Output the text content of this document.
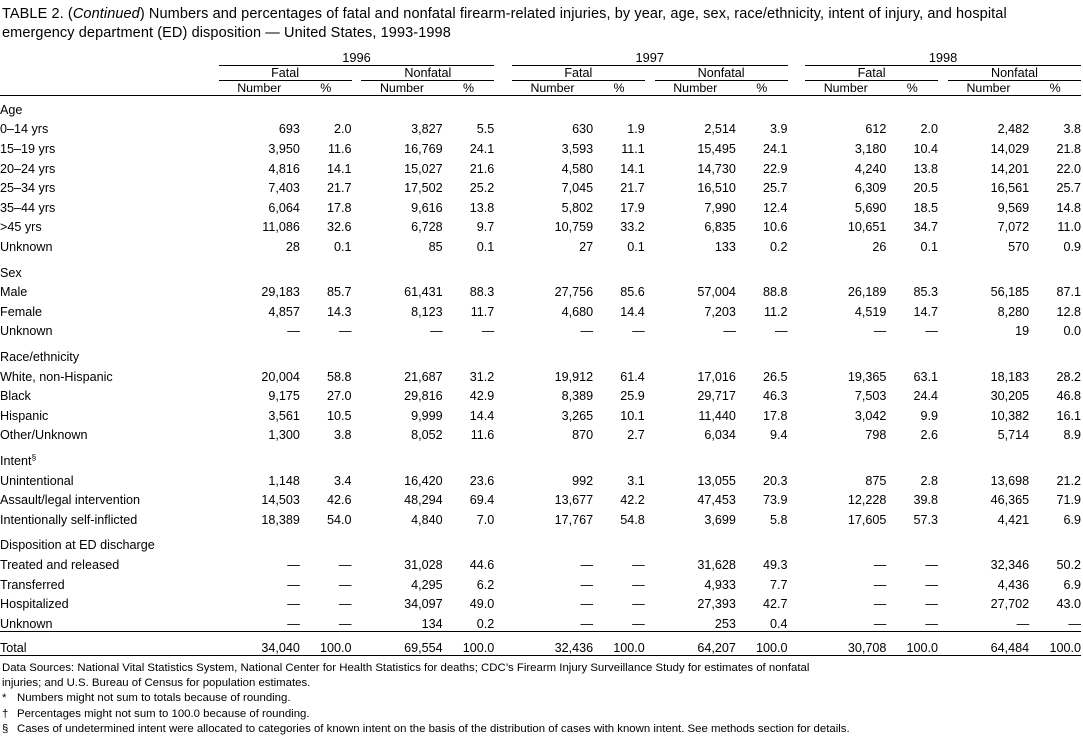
TABLE 2. (Continued) Numbers and percentages of fatal and nonfatal firearm-related injuries, by year, age, sex, race/ethnicity, intent of injury, and hospital emergency department (ED) disposition — United States, 1993-1998
	1996						1997						1998				
	Fatal			Nonfatal			Fatal			Nonfatal			Fatal			Nonfatal	
	Number	%		Number	%		Number	%		Number	%		Number	%		Number	%

Age																	
0–14 yrs	693	2.0		3,827	5.5		630	1.9		2,514	3.9		612	2.0		2,482	3.8
15–19 yrs	3,950	11.6		16,769	24.1		3,593	11.1		15,495	24.1		3,180	10.4		14,029	21.8
20–24 yrs	4,816	14.1		15,027	21.6		4,580	14.1		14,730	22.9		4,240	13.8		14,201	22.0
25–34 yrs	7,403	21.7		17,502	25.2		7,045	21.7		16,510	25.7		6,309	20.5		16,561	25.7
35–44 yrs	6,064	17.8		9,616	13.8		5,802	17.9		7,990	12.4		5,690	18.5		9,569	14.8
>45 yrs	11,086	32.6		6,728	9.7		10,759	33.2		6,835	10.6		10,651	34.7		7,072	11.0
Unknown	28	0.1		85	0.1		27	0.1		133	0.2		26	0.1		570	0.9

Sex																	
Male	29,183	85.7		61,431	88.3		27,756	85.6		57,004	88.8		26,189	85.3		56,185	87.1
Female	4,857	14.3		8,123	11.7		4,680	14.4		7,203	11.2		4,519	14.7		8,280	12.8
Unknown	—	—		—	—		—	—		—	—		—	—		19	0.0

Race/ethnicity																	
White, non-Hispanic	20,004	58.8		21,687	31.2		19,912	61.4		17,016	26.5		19,365	63.1		18,183	28.2
Black	9,175	27.0		29,816	42.9		8,389	25.9		29,717	46.3		7,503	24.4		30,205	46.8
Hispanic	3,561	10.5		9,999	14.4		3,265	10.1		11,440	17.8		3,042	9.9		10,382	16.1
Other/Unknown	1,300	3.8		8,052	11.6		870	2.7		6,034	9.4		798	2.6		5,714	8.9

Intent§
Unintentional	1,148	3.4		16,420	23.6		992	3.1		13,055	20.3		875	2.8		13,698	21.2
Assault/legal intervention	14,503	42.6		48,294	69.4		13,677	42.2		47,453	73.9		12,228	39.8		46,365	71.9
Intentionally self-inflicted	18,389	54.0		4,840	7.0		17,767	54.8		3,699	5.8		17,605	57.3		4,421	6.9

Disposition at ED discharge																	
Treated and released	—	—		31,028	44.6		—	—		31,628	49.3		—	—		32,346	50.2
Transferred	—	—		4,295	6.2		—	—		4,933	7.7		—	—		4,436	6.9
Hospitalized	—	—		34,097	49.0		—	—		27,393	42.7		—	—		27,702	43.0
Unknown	—	—		134	0.2		—	—		253	0.4		—	—		—	—

Total	34,040	100.0		69,554	100.0		32,436	100.0		64,207	100.0		30,708	100.0		64,484	100.0

Data Sources: National Vital Statistics System, National Center for Health Statistics for deaths; CDC’s Firearm Injury Surveillance Study for estimates of nonfatal
injuries; and U.S. Bureau of Census for population estimates.
* Numbers might not sum to totals because of rounding.
† Percentages might not sum to 100.0 because of rounding.
§ Cases of undetermined intent were allocated to categories of known intent on the basis of the distribution of cases with known intent. See methods section for details.
